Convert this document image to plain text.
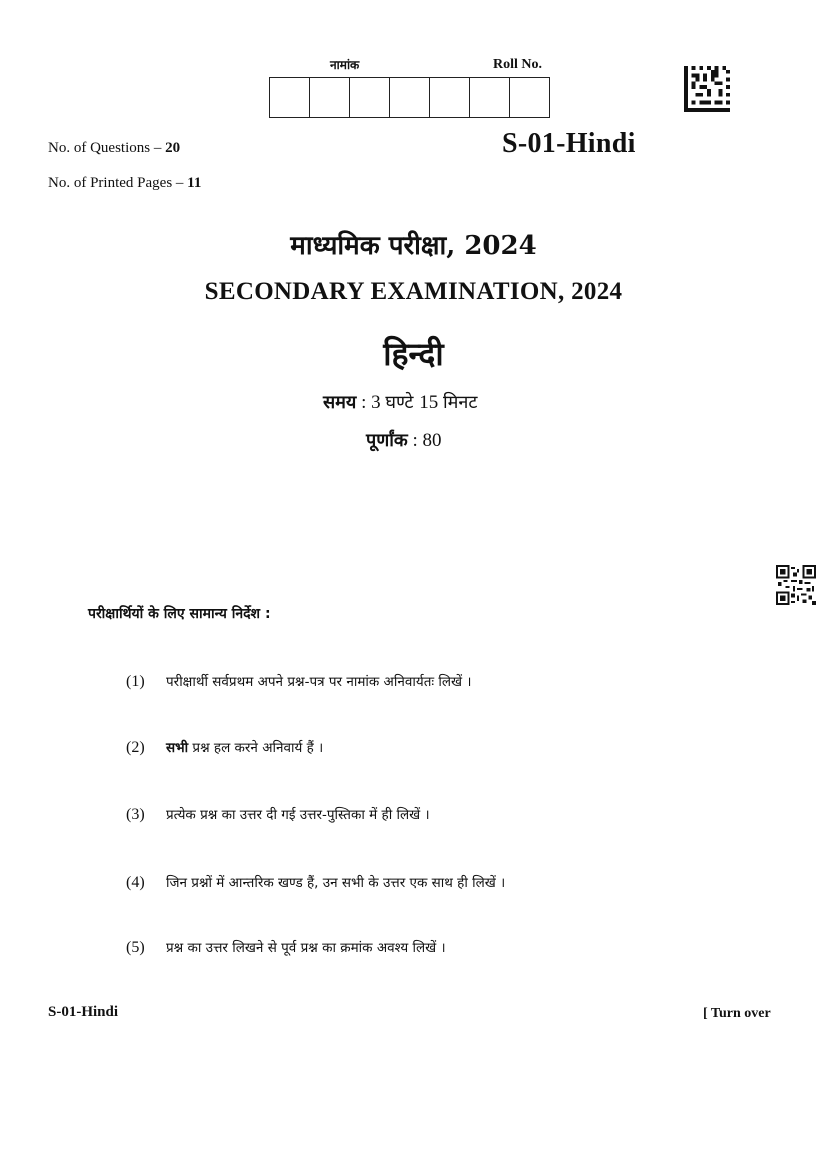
नामांक	Roll No.
No. of Questions – 20
No. of Printed Pages – 11
S-01-Hindi
माध्यमिक परीक्षा, 2024
SECONDARY EXAMINATION, 2024
हिन्दी
समय : 3 घण्टे 15 मिनट
पूर्णांक : 80
परीक्षार्थियों के लिए सामान्य निर्देश :
(1)	परीक्षार्थी सर्वप्रथम अपने प्रश्न-पत्र पर नामांक अनिवार्यतः लिखें ।
(2)	सभी प्रश्न हल करने अनिवार्य हैं ।
(3)	प्रत्येक प्रश्न का उत्तर दी गई उत्तर-पुस्तिका में ही लिखें ।
(4)	जिन प्रश्नों में आन्तरिक खण्ड हैं, उन सभी के उत्तर एक साथ ही लिखें ।
(5)	प्रश्न का उत्तर लिखने से पूर्व प्रश्न का क्रमांक अवश्य लिखें ।
S-01-Hindi	[ Turn over
